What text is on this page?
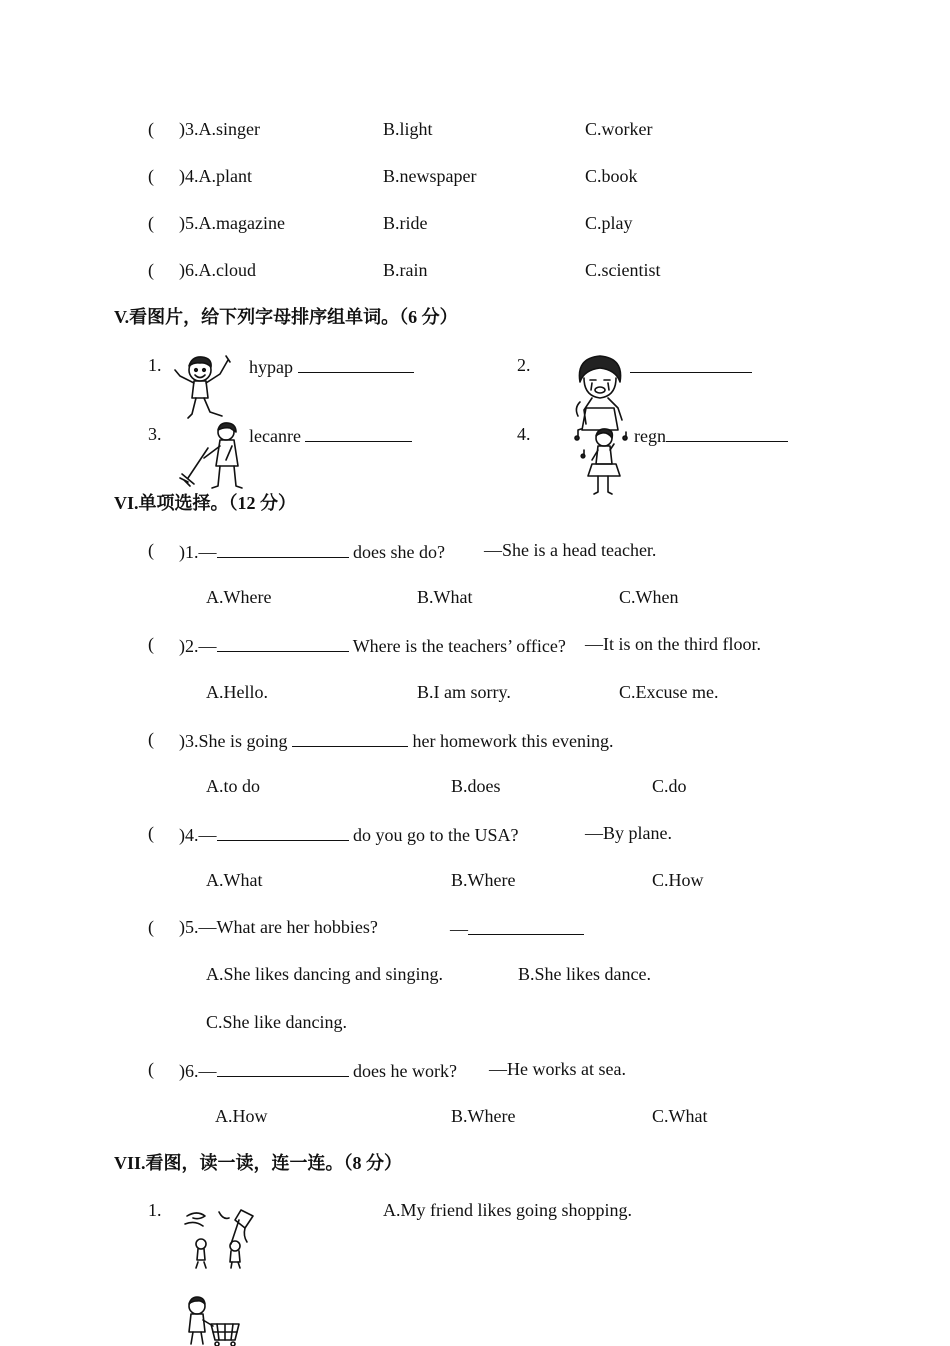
( )3.A.singer	B.light	C.worker
( )4.A.plant	B.newspaper	C.book
( )5.A.magazine	B.ride	C.play
( )6.A.cloud	B.rain	C.scientist
V.看图片，给下列字母排序组单词。（6 分）
1.	hypap	2.
3.	lecanre	4.	regn
VI.单项选择。（12 分）
( )1.—	does she do? —She is a head teacher.
A.Where	B.What	C.When
( )2.—	Where is the teachers’ office? —It is on the third floor.
A.Hello.	B.I am sorry.	C.Excuse me.
( )3.She is going	her homework this evening.
A.to do	B.does	C.do
( )4.—	do you go to the USA?	—By plane.
A.What	B.Where	C.How
( )5.—What are her hobbies?	—
A.She likes dancing and singing.	B.She likes dance.
C.She like dancing.
( )6.—	does he work? —He works at sea.
A.How	B.Where	C.What
VII.看图，读一读，连一连。（8 分）
1.	A.My friend likes going shopping.
